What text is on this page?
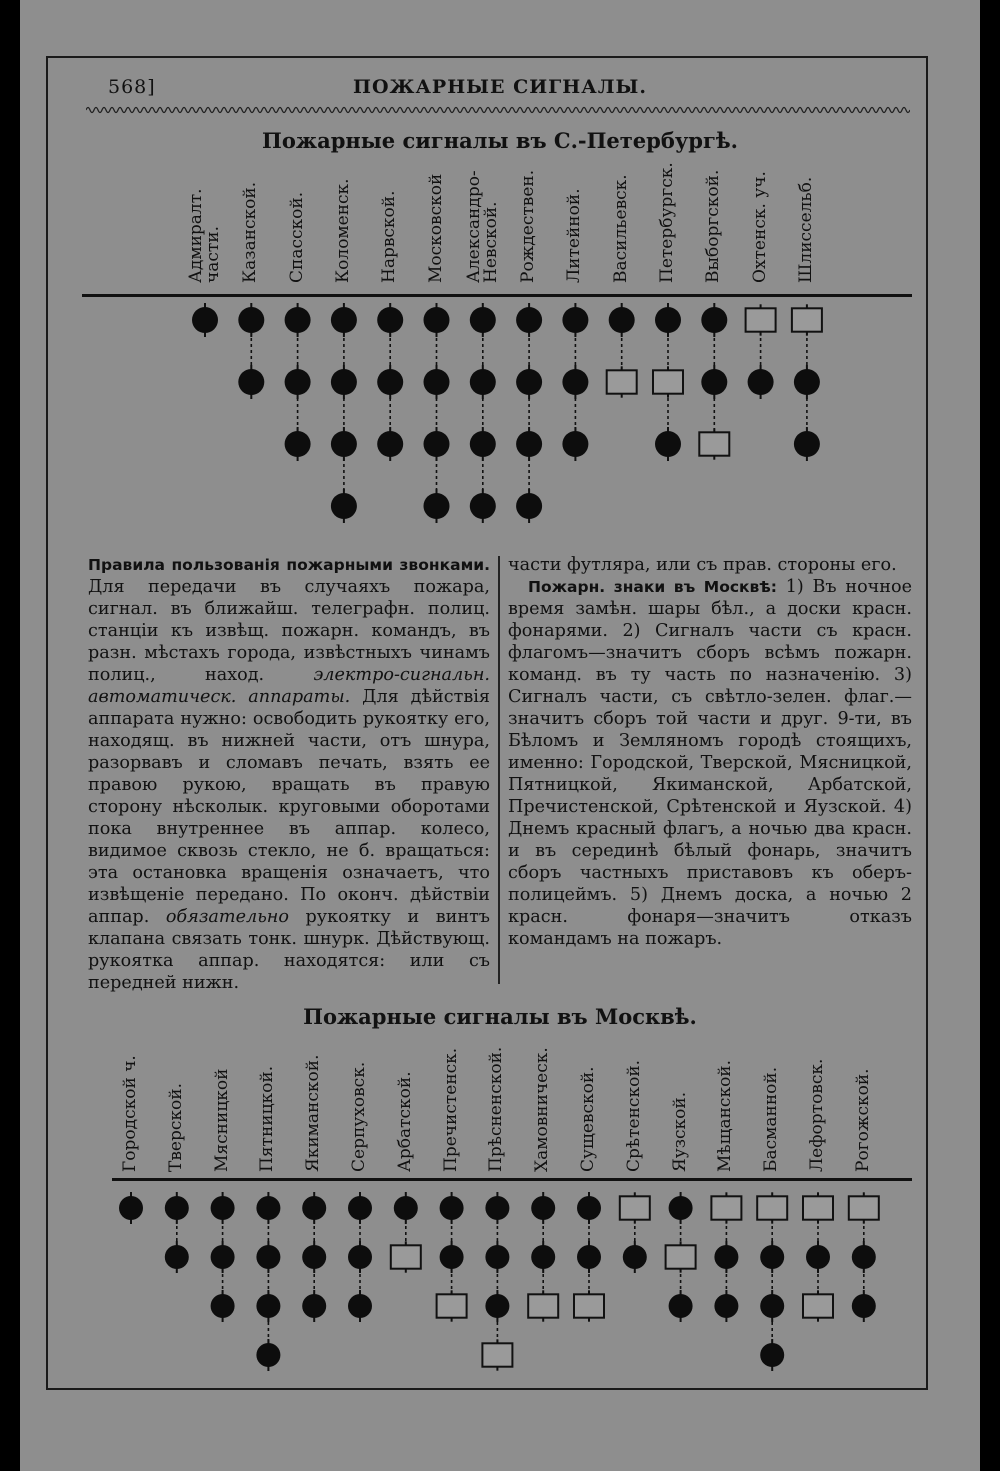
568]	ПОЖАРНЫЕ СИГНАЛЫ.
Пожарные сигналы въ С.-Петербургѣ.
Адмиралт.
части. Казанской. Спасской. Коломенск. Нарвской. Московской Александро-
Невской. Рождествен. Литейной. Васильевск. Петербургск. Выборгской. Охтенск. уч. Шлиссельб.

Правила пользованія пожарными звонками. Для передачи въ случаяхъ пожара, сигнал. въ ближайш. телеграфн. полиц. станціи къ извѣщ. пожарн. командъ, въ разн. мѣстахъ города, извѣстныхъ чинамъ полиц., наход.	электро-сигнальн. автоматическ. аппараты. Для дѣйствія аппарата нужно: освободить рукоятку его, находящ. въ нижней части, отъ шнура, разорвавъ и сломавъ печать, взять ее правою рукою, вращать въ правую сторону нѣсколык. круговыми оборотами пока внутреннее въ аппар. колесо, видимое сквозь стекло, не б. вращаться: эта остановка вращенія означаетъ, что извѣщеніе передано. По оконч. дѣйствіи аппар. обязательно рукоятку и винтъ клапана связать тонк. шнурк. Дѣйствующ. рукоятка аппар. находятся: или съ передней нижн.

части футляра, или съ прав. стороны его.

Пожарн. знаки въ Москвѣ: 1) Въ ночное время замѣн. шары бѣл., а доски красн. фонарями. 2) Сигналъ части съ красн. флагомъ—значитъ сборъ всѣмъ пожарн. команд. въ ту часть по назначенію. 3) Сигналъ части, съ свѣтло-зелен. флаг.—значитъ сборъ той части и друг. 9-ти, въ Бѣломъ и Земляномъ городѣ стоящихъ, именно: Городской, Тверской, Мясницкой, Пятницкой, Якиманской, Арбатской, Пречистенской, Срѣтенской и Яузской. 4) Днемъ красный флагъ, а ночью два красн. и въ серединѣ бѣлый фонарь, значитъ сборъ частныхъ приставовъ къ оберъ-полицеймъ. 5) Днемъ доска, а ночью 2 красн. фонаря—значитъ отказъ командамъ на пожаръ.

Пожарные сигналы въ Москвѣ.
Городской ч. Тверской. Мясницкой Пятницкой. Якиманской. Серпуховск. Арбатской. Пречистенск. Прѣсненской. Хамовническ. Сущевской. Срѣтенской. Яузской. Мѣщанской. Басманной. Лефортовск. Рогожской.
